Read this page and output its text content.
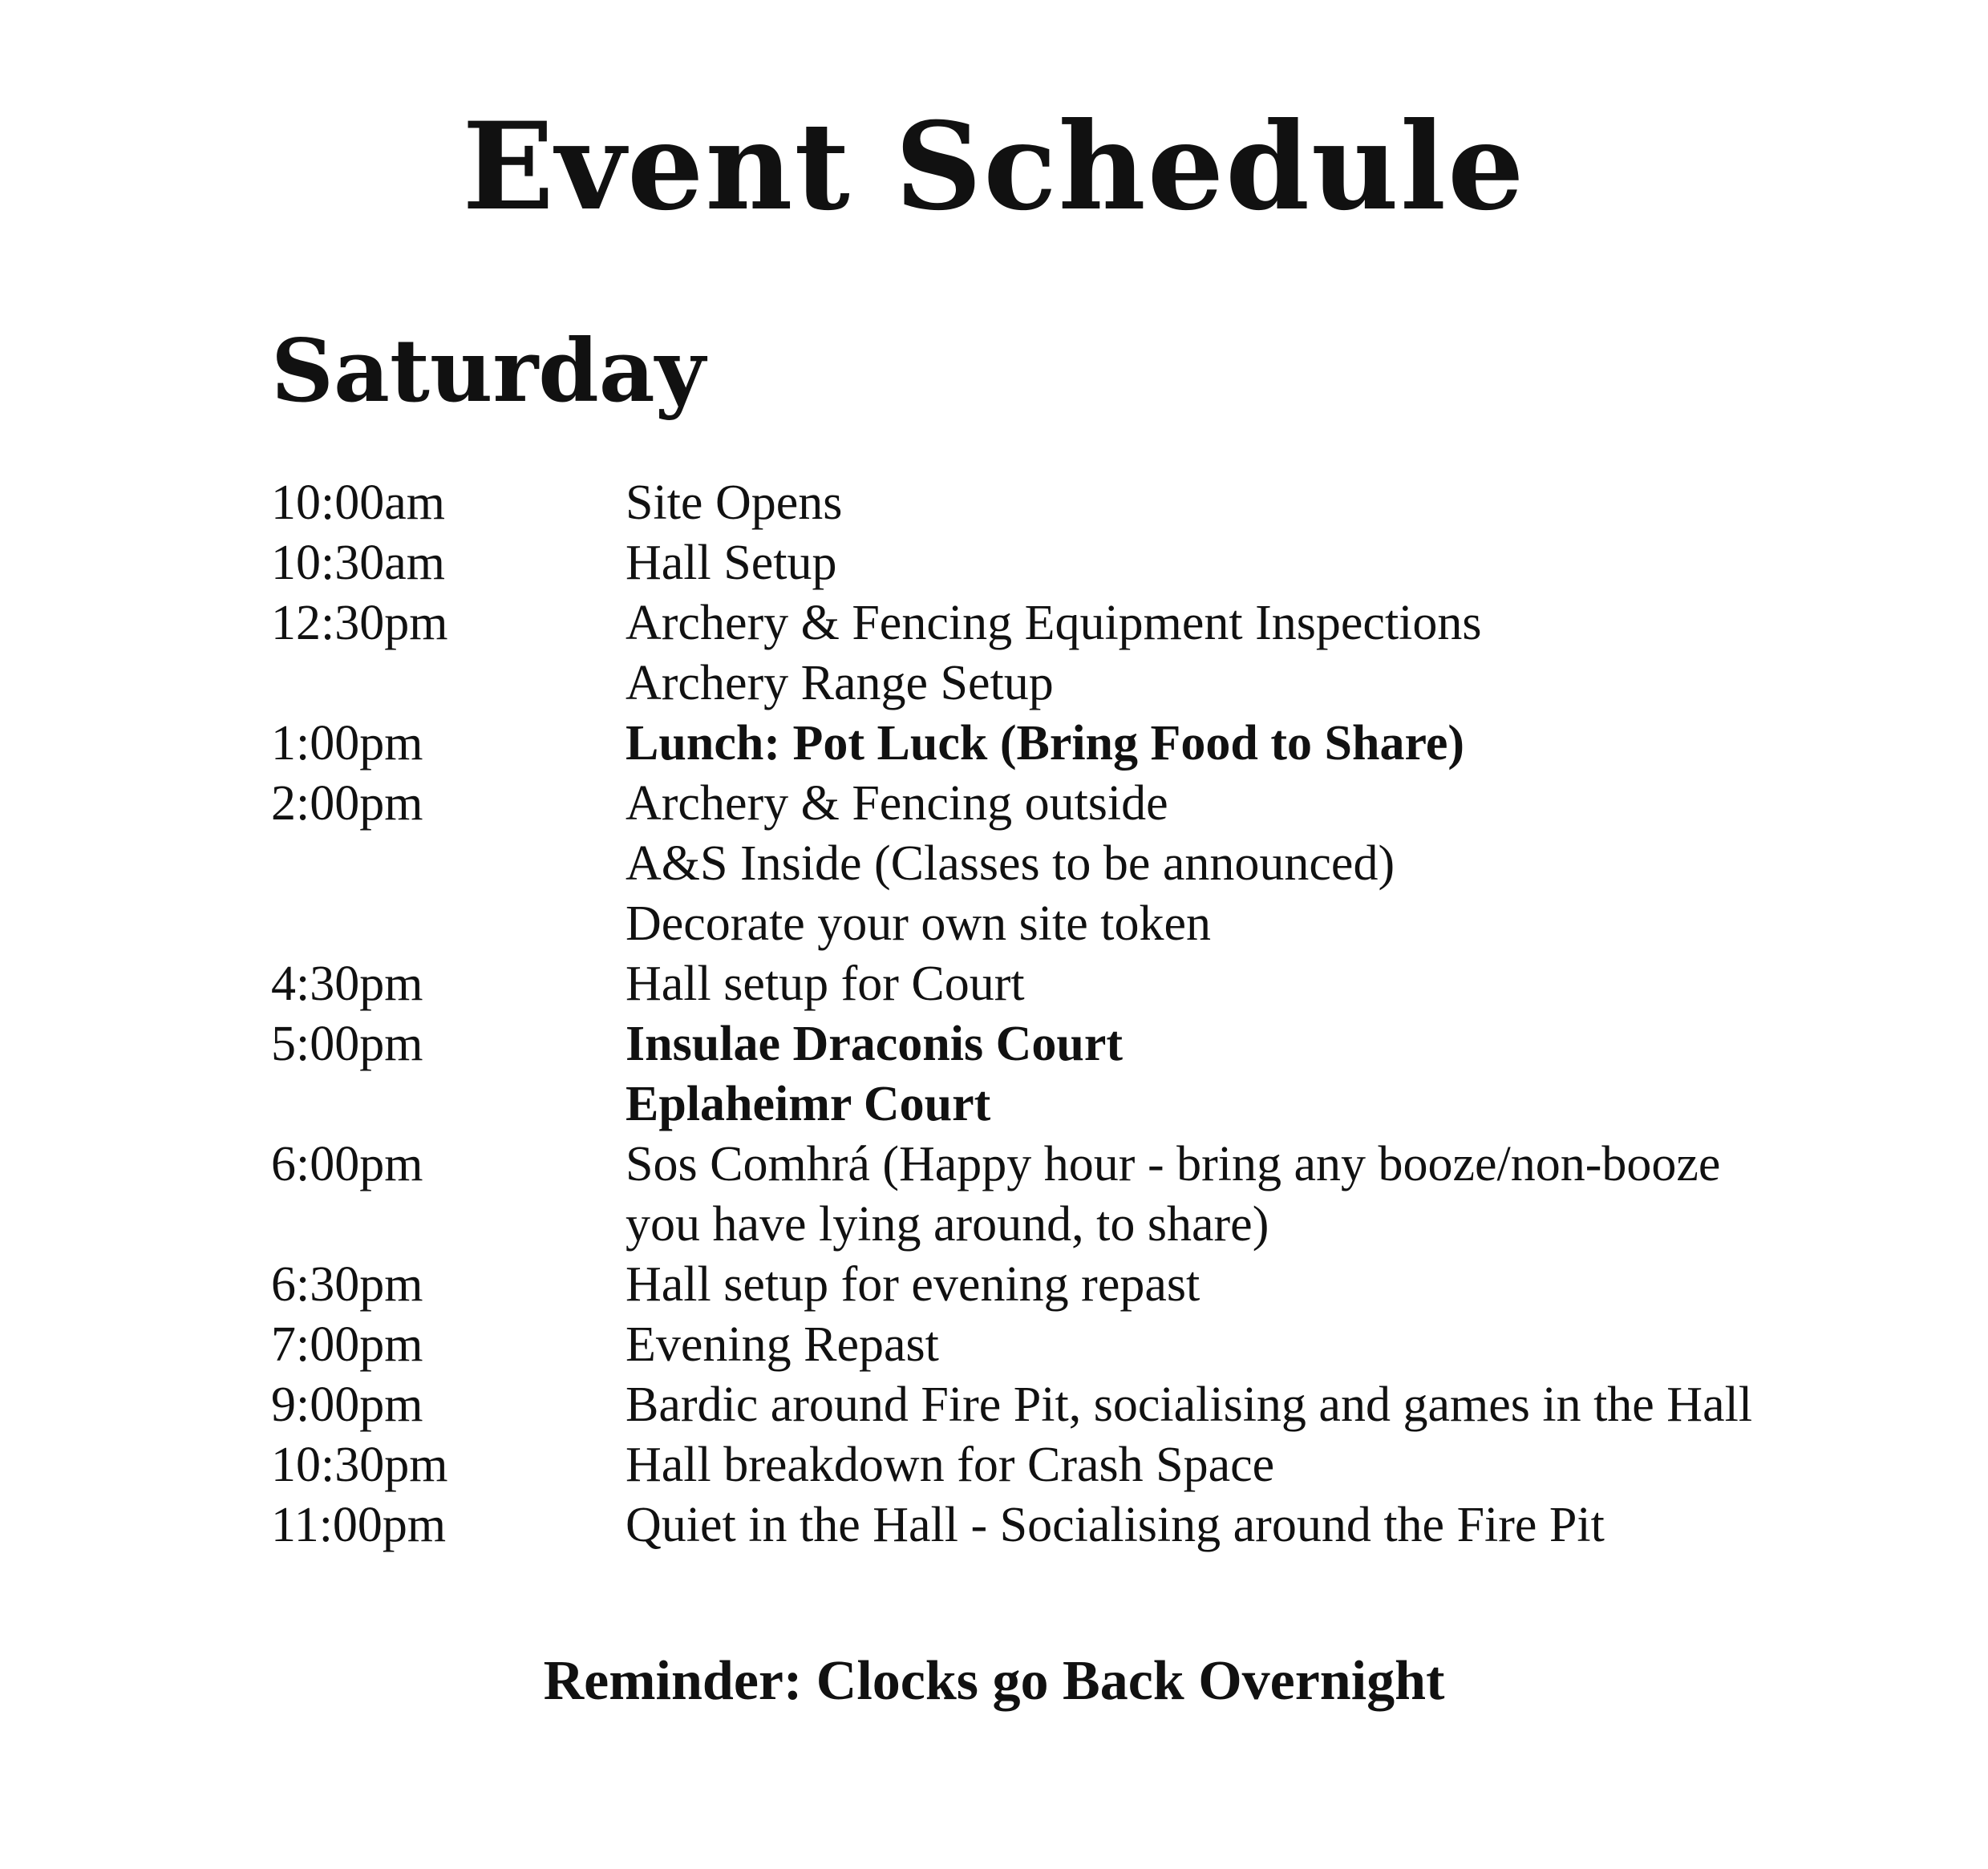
Event Schedule
Saturday
10:00am	Site Opens
10:30am	Hall Setup
12:30pm	Archery & Fencing Equipment Inspections
Archery Range Setup
1:00pm	Lunch: Pot Luck (Bring Food to Share)
2:00pm	Archery & Fencing outside
A&S Inside (Classes to be announced)
Decorate your own site token
4:30pm	Hall setup for Court
5:00pm	Insulae Draconis Court
Eplaheimr Court
6:00pm	Sos Comhrá (Happy hour - bring any booze/non-booze
you have lying around, to share)
6:30pm	Hall setup for evening repast
7:00pm	Evening Repast
9:00pm	Bardic around Fire Pit, socialising and games in the Hall
10:30pm	Hall breakdown for Crash Space
11:00pm	Quiet in the Hall - Socialising around the Fire Pit

Reminder: Clocks go Back Overnight
